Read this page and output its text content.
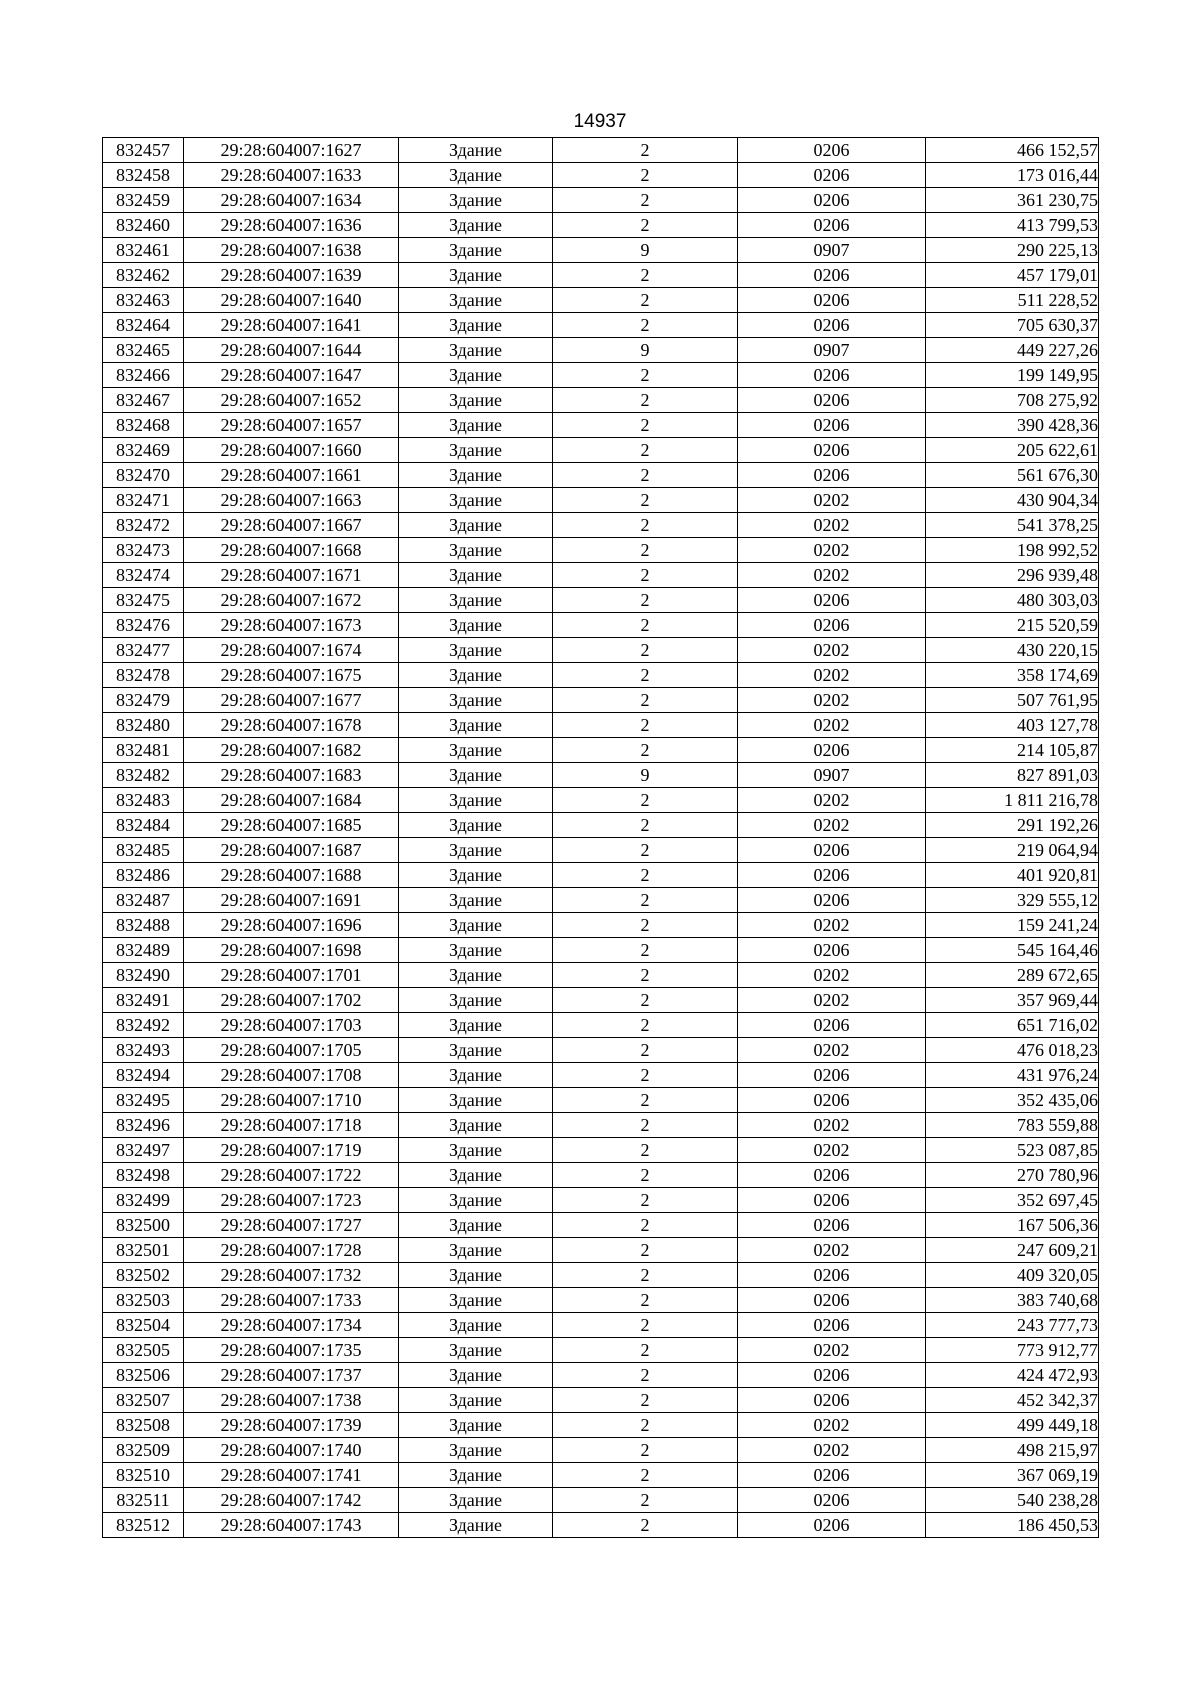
14937
832457	29:28:604007:1627	Здание	2	0206	466 152,57
832458	29:28:604007:1633	Здание	2	0206	173 016,44
832459	29:28:604007:1634	Здание	2	0206	361 230,75
832460	29:28:604007:1636	Здание	2	0206	413 799,53
832461	29:28:604007:1638	Здание	9	0907	290 225,13
832462	29:28:604007:1639	Здание	2	0206	457 179,01
832463	29:28:604007:1640	Здание	2	0206	511 228,52
832464	29:28:604007:1641	Здание	2	0206	705 630,37
832465	29:28:604007:1644	Здание	9	0907	449 227,26
832466	29:28:604007:1647	Здание	2	0206	199 149,95
832467	29:28:604007:1652	Здание	2	0206	708 275,92
832468	29:28:604007:1657	Здание	2	0206	390 428,36
832469	29:28:604007:1660	Здание	2	0206	205 622,61
832470	29:28:604007:1661	Здание	2	0206	561 676,30
832471	29:28:604007:1663	Здание	2	0202	430 904,34
832472	29:28:604007:1667	Здание	2	0202	541 378,25
832473	29:28:604007:1668	Здание	2	0202	198 992,52
832474	29:28:604007:1671	Здание	2	0202	296 939,48
832475	29:28:604007:1672	Здание	2	0206	480 303,03
832476	29:28:604007:1673	Здание	2	0206	215 520,59
832477	29:28:604007:1674	Здание	2	0202	430 220,15
832478	29:28:604007:1675	Здание	2	0202	358 174,69
832479	29:28:604007:1677	Здание	2	0202	507 761,95
832480	29:28:604007:1678	Здание	2	0202	403 127,78
832481	29:28:604007:1682	Здание	2	0206	214 105,87
832482	29:28:604007:1683	Здание	9	0907	827 891,03
832483	29:28:604007:1684	Здание	2	0202	1 811 216,78
832484	29:28:604007:1685	Здание	2	0202	291 192,26
832485	29:28:604007:1687	Здание	2	0206	219 064,94
832486	29:28:604007:1688	Здание	2	0206	401 920,81
832487	29:28:604007:1691	Здание	2	0206	329 555,12
832488	29:28:604007:1696	Здание	2	0202	159 241,24
832489	29:28:604007:1698	Здание	2	0206	545 164,46
832490	29:28:604007:1701	Здание	2	0202	289 672,65
832491	29:28:604007:1702	Здание	2	0202	357 969,44
832492	29:28:604007:1703	Здание	2	0206	651 716,02
832493	29:28:604007:1705	Здание	2	0202	476 018,23
832494	29:28:604007:1708	Здание	2	0206	431 976,24
832495	29:28:604007:1710	Здание	2	0206	352 435,06
832496	29:28:604007:1718	Здание	2	0202	783 559,88
832497	29:28:604007:1719	Здание	2	0202	523 087,85
832498	29:28:604007:1722	Здание	2	0206	270 780,96
832499	29:28:604007:1723	Здание	2	0206	352 697,45
832500	29:28:604007:1727	Здание	2	0206	167 506,36
832501	29:28:604007:1728	Здание	2	0202	247 609,21
832502	29:28:604007:1732	Здание	2	0206	409 320,05
832503	29:28:604007:1733	Здание	2	0206	383 740,68
832504	29:28:604007:1734	Здание	2	0206	243 777,73
832505	29:28:604007:1735	Здание	2	0202	773 912,77
832506	29:28:604007:1737	Здание	2	0206	424 472,93
832507	29:28:604007:1738	Здание	2	0206	452 342,37
832508	29:28:604007:1739	Здание	2	0202	499 449,18
832509	29:28:604007:1740	Здание	2	0202	498 215,97
832510	29:28:604007:1741	Здание	2	0206	367 069,19
832511	29:28:604007:1742	Здание	2	0206	540 238,28
832512	29:28:604007:1743	Здание	2	0206	186 450,53
